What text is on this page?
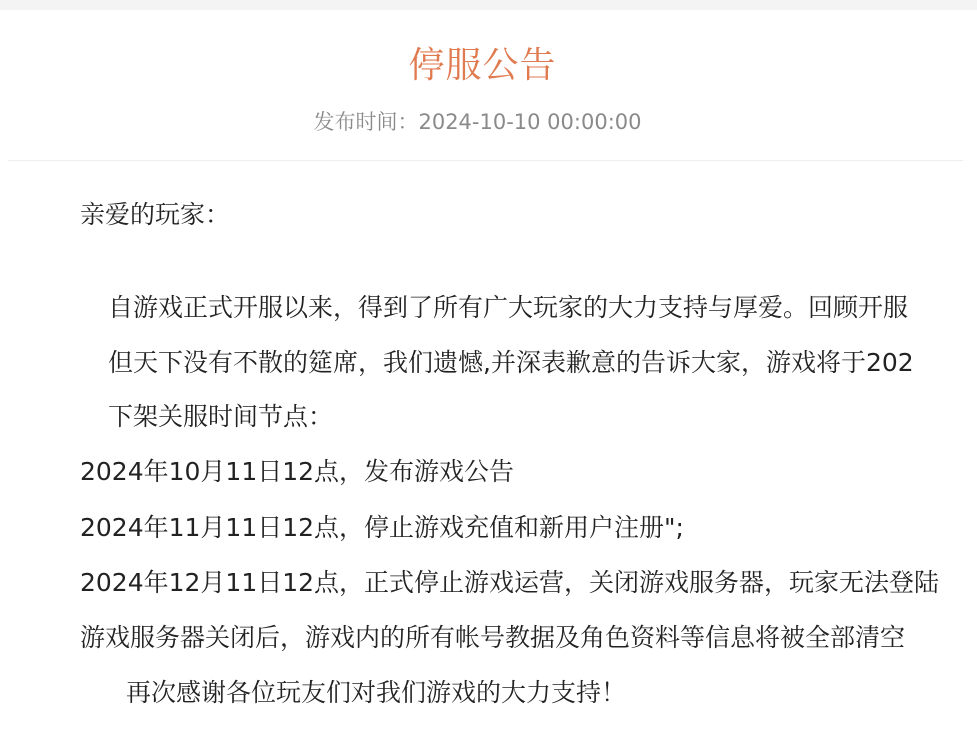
停服公告
发布时间：2024-10-10 00:00:00
亲爱的玩家：
自游戏正式开服以来，得到了所有广大玩家的大力支持与厚爱。回顾开服
但天下没有不散的筵席，我们遗憾,并深表歉意的告诉大家，游戏将于202
下架关服时间节点：
2024年10月11日12点，发布游戏公告
2024年11月11日12点，停止游戏充值和新用户注册";
2024年12月11日12点，正式停止游戏运营，关闭游戏服务器，玩家无法登陆
游戏服务器关闭后，游戏内的所有帐号教据及角色资料等信息将被全部清空
再次感谢各位玩友们对我们游戏的大力支持！
